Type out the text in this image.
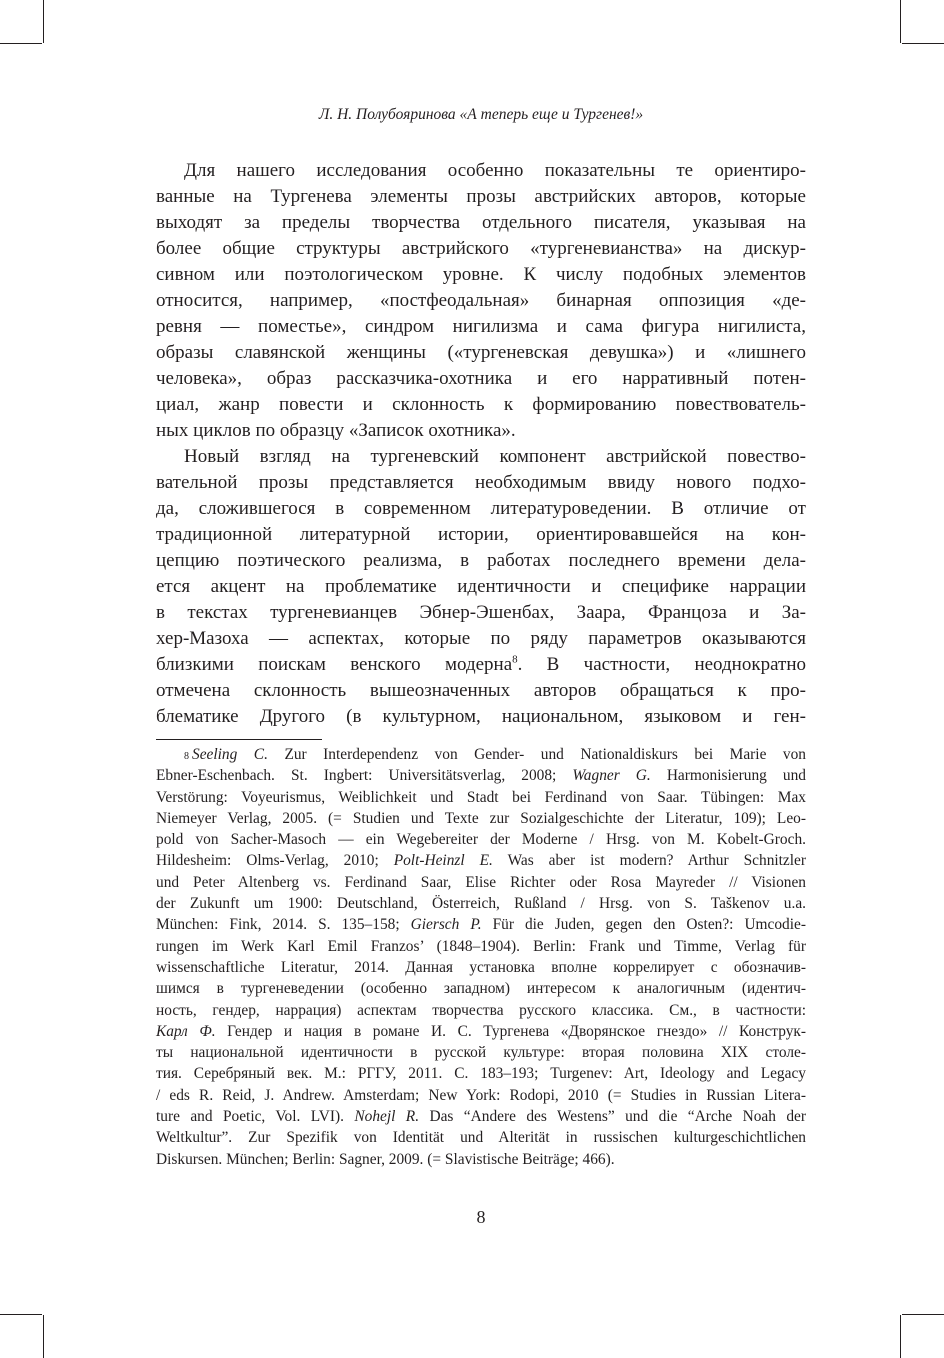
Л. Н. Полубояринова «А теперь еще и Тургенев!»

Для нашего исследования особенно показательны те ориентиро-
ванные на Тургенева элементы прозы австрийских авторов, которые
выходят за пределы творчества отдельного писателя, указывая на
более общие структуры австрийского «тургеневианства» на дискур-
сивном или поэтологическом уровне. К числу подобных элементов
относится, например, «постфеодальная» бинарная оппозиция «де-
ревня — поместье», синдром нигилизма и сама фигура нигилиста,
образы славянской женщины («тургеневская девушка») и «лишнего
человека», образ рассказчика-охотника и его нарративный потен-
циал, жанр повести и склонность к формированию повествователь-
ных циклов по образцу «Записок охотника».

Новый взгляд на тургеневский компонент австрийской повество-
вательной прозы представляется необходимым ввиду нового подхо-
да, сложившегося в современном литературоведении. В отличие от
традиционной литературной истории, ориентировавшейся на кон-
цепцию поэтического реализма, в работах последнего времени дела-
ется акцент на проблематике идентичности и специфике наррации
в текстах тургеневианцев Эбнер-Эшенбах, Заара, Францоза и За-
хер-Мазоха — аспектах, которые по ряду параметров оказываются
близкими поискам венского модерна$^8$. В частности, неоднократно
отмечена склонность вышеозначенных авторов обращаться к про-
блематике Другого (в культурном, национальном, языковом и ген-

$^8$ Seeling C. Zur Interdependenz von Gender- und Nationaldiskurs bei Marie von
Ebner-Eschenbach. St. Ingbert: Universitätsverlag, 2008; Wagner G. Harmonisierung und
Verstörung: Voyeurismus, Weiblichkeit und Stadt bei Ferdinand von Saar. Tübingen: Max
Niemeyer Verlag, 2005. (= Studien und Texte zur Sozialgeschichte der Literatur, 109); Leo-
pold von Sacher-Masoch — ein Wegebereiter der Moderne / Hrsg. von M. Kobelt-Groch.
Hildesheim: Olms-Verlag, 2010; Polt-Heinzl E. Was aber ist modern? Arthur Schnitzler
und Peter Altenberg vs. Ferdinand Saar, Elise Richter oder Rosa Mayreder // Visionen
der Zukunft um 1900: Deutschland, Österreich, Rußland / Hrsg. von S. Taškenov u.a.
München: Fink, 2014. S. 135–158; Giersch P. Für die Juden, gegen den Osten?: Umcodie-
rungen im Werk Karl Emil Franzos’ (1848–1904). Berlin: Frank und Timme, Verlag für
wissenschaftliche Literatur, 2014. Данная установка вполне коррелирует с обозначив-
шимся в тургеневедении (особенно западном) интересом к аналогичным (идентич-
ность, гендер, наррация) аспектам творчества русского классика. См., в частности:
Карл Ф. Гендер и нация в романе И. С. Тургенева «Дворянское гнездо» // Конструк-
ты национальной идентичности в русской культуре: вторая половина XIX столе-
тия. Серебряный век. М.: РГГУ, 2011. С. 183–193; Turgenev: Art, Ideology and Legacy
/ eds R. Reid, J. Andrew. Amsterdam; New York: Rodopi, 2010 (= Studies in Russian Litera-
ture and Poetic, Vol. LVI). Nohejl R. Das “Andere des Westens” und die “Arche Noah der
Weltkultur”. Zur Spezifik von Identität und Alterität in russischen kulturgeschichtlichen
Diskursen. München; Berlin: Sagner, 2009. (= Slavistische Beiträge; 466).
8
